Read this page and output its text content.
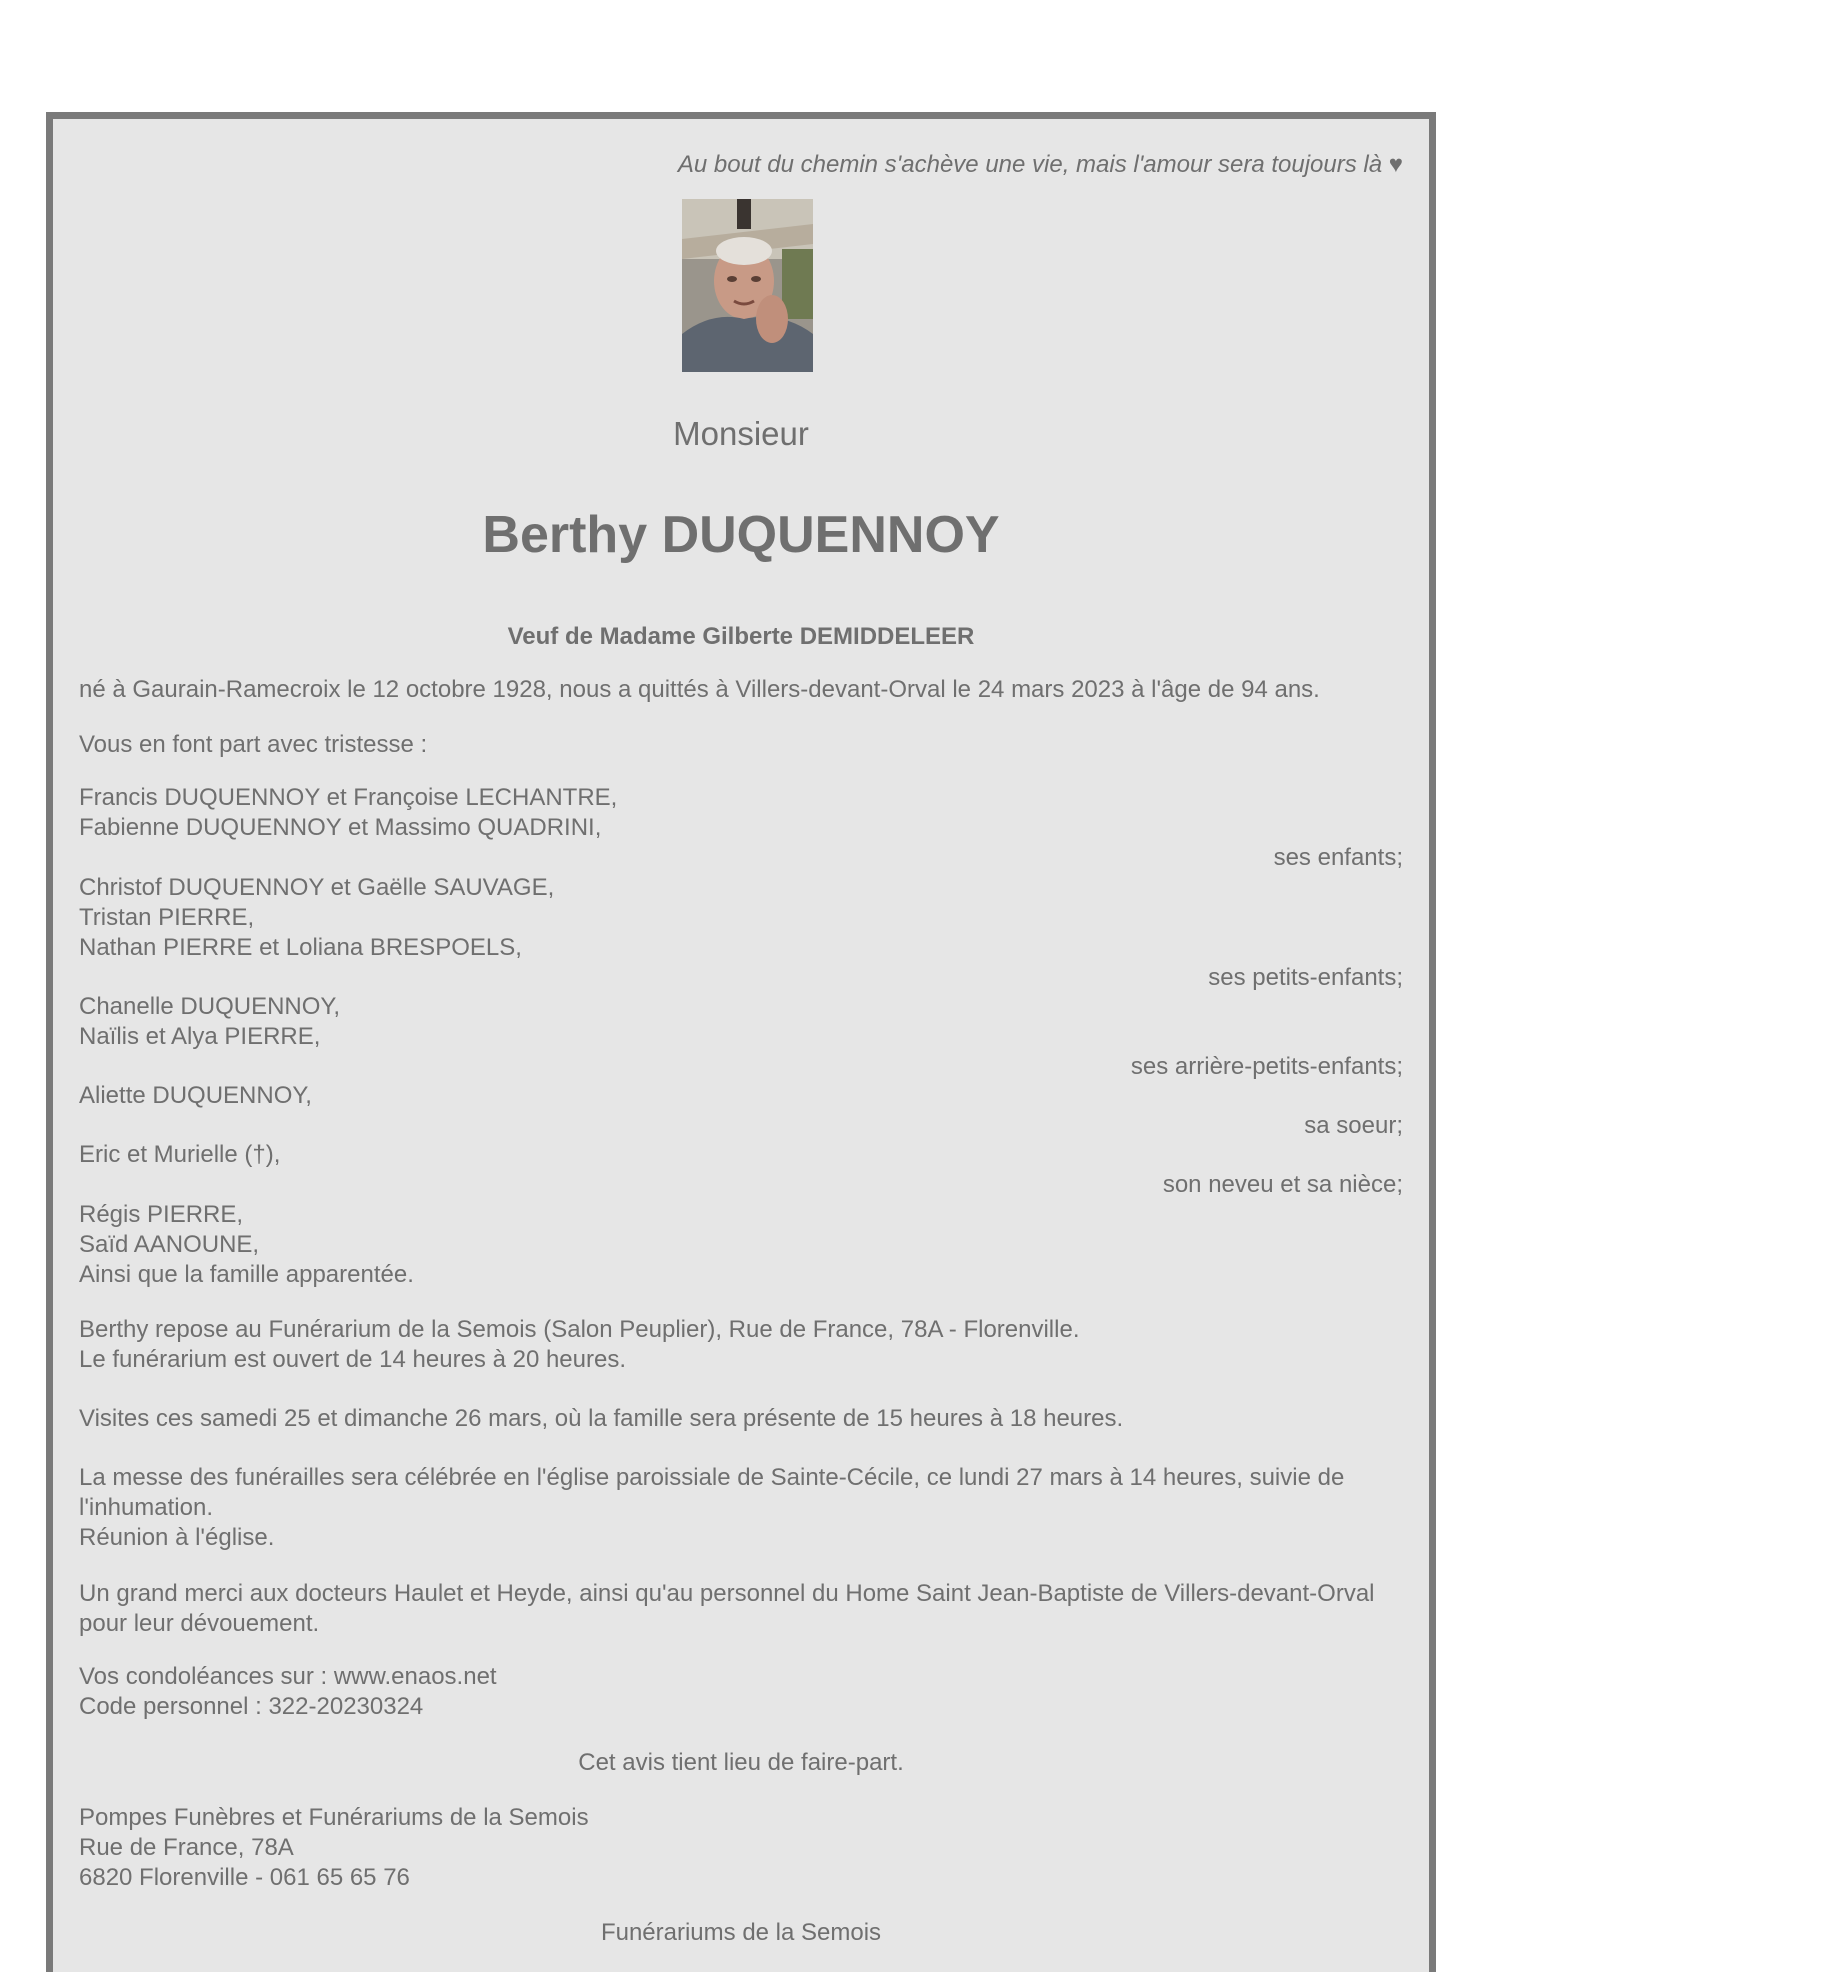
Au bout du chemin s'achève une vie, mais l'amour sera toujours là ♥
Monsieur
Berthy DUQUENNOY
Veuf de Madame Gilberte DEMIDDELEER
né à Gaurain-Ramecroix le 12 octobre 1928, nous a quittés à Villers-devant-Orval le 24 mars 2023 à l'âge de 94 ans.
Vous en font part avec tristesse :
Francis DUQUENNOY et Françoise LECHANTRE,
Fabienne DUQUENNOY et Massimo QUADRINI,
ses enfants;
Christof DUQUENNOY et Gaëlle SAUVAGE,
Tristan PIERRE,
Nathan PIERRE et Loliana BRESPOELS,
ses petits-enfants;
Chanelle DUQUENNOY,
Naïlis et Alya PIERRE,
ses arrière-petits-enfants;
Aliette DUQUENNOY,
sa soeur;
Eric et Murielle (†),
son neveu et sa nièce;
Régis PIERRE,
Saïd AANOUNE,
Ainsi que la famille apparentée.
Berthy repose au Funérarium de la Semois (Salon Peuplier), Rue de France, 78A - Florenville.
Le funérarium est ouvert de 14 heures à 20 heures.
Visites ces samedi 25 et dimanche 26 mars, où la famille sera présente de 15 heures à 18 heures.
La messe des funérailles sera célébrée en l'église paroissiale de Sainte-Cécile, ce lundi 27 mars à 14 heures, suivie de l'inhumation.
Réunion à l'église.
Un grand merci aux docteurs Haulet et Heyde, ainsi qu'au personnel du Home Saint Jean-Baptiste de Villers-devant-Orval pour leur dévouement.
Vos condoléances sur : www.enaos.net
Code personnel : 322-20230324
Cet avis tient lieu de faire-part.
Pompes Funèbres et Funérariums de la Semois
Rue de France, 78A
6820 Florenville - 061 65 65 76
Funérariums de la Semois
